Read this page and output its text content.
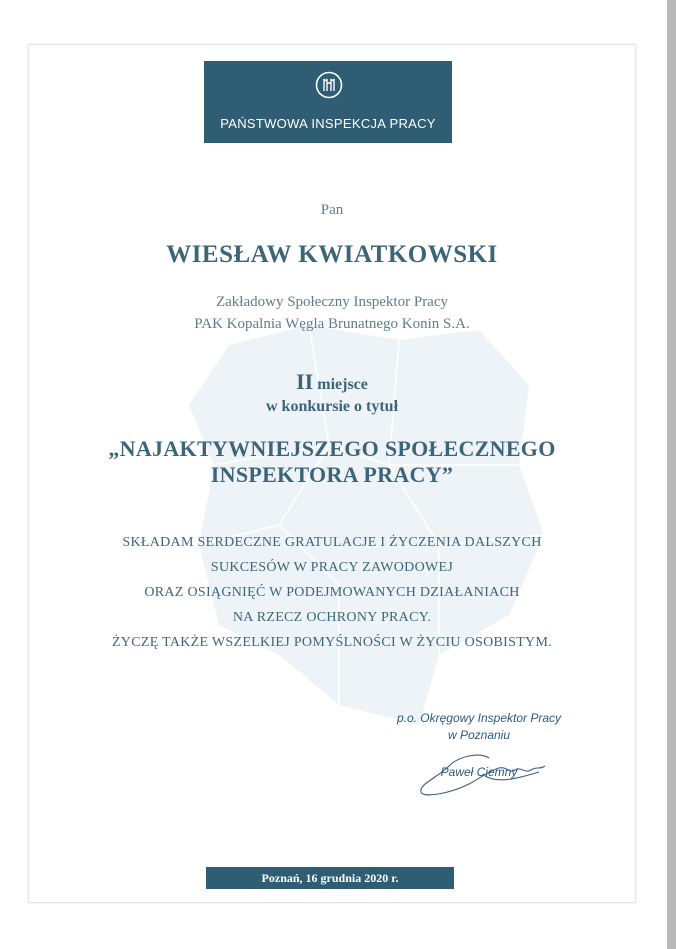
PAŃSTWOWA INSPEKCJA PRACY
Pan
WIESŁAW KWIATKOWSKI
Zakładowy Społeczny Inspektor Pracy
PAK Kopalnia Węgla Brunatnego Konin S.A.
II miejsce
w konkursie o tytuł
„NAJAKTYWNIEJSZEGO SPOŁECZNEGO
INSPEKTORA PRACY”
SKŁADAM SERDECZNE GRATULACJE I ŻYCZENIA DALSZYCH
SUKCESÓW W PRACY ZAWODOWEJ
ORAZ OSIĄGNIĘĆ W PODEJMOWANYCH DZIAŁANIACH
NA RZECZ OCHRONY PRACY.
ŻYCZĘ TAKŻE WSZELKIEJ POMYŚLNOŚCI W ŻYCIU OSOBISTYM.
p.o. Okręgowy Inspektor Pracy
w Poznaniu
Paweł Ciemny
Poznań, 16 grudnia 2020 r.
